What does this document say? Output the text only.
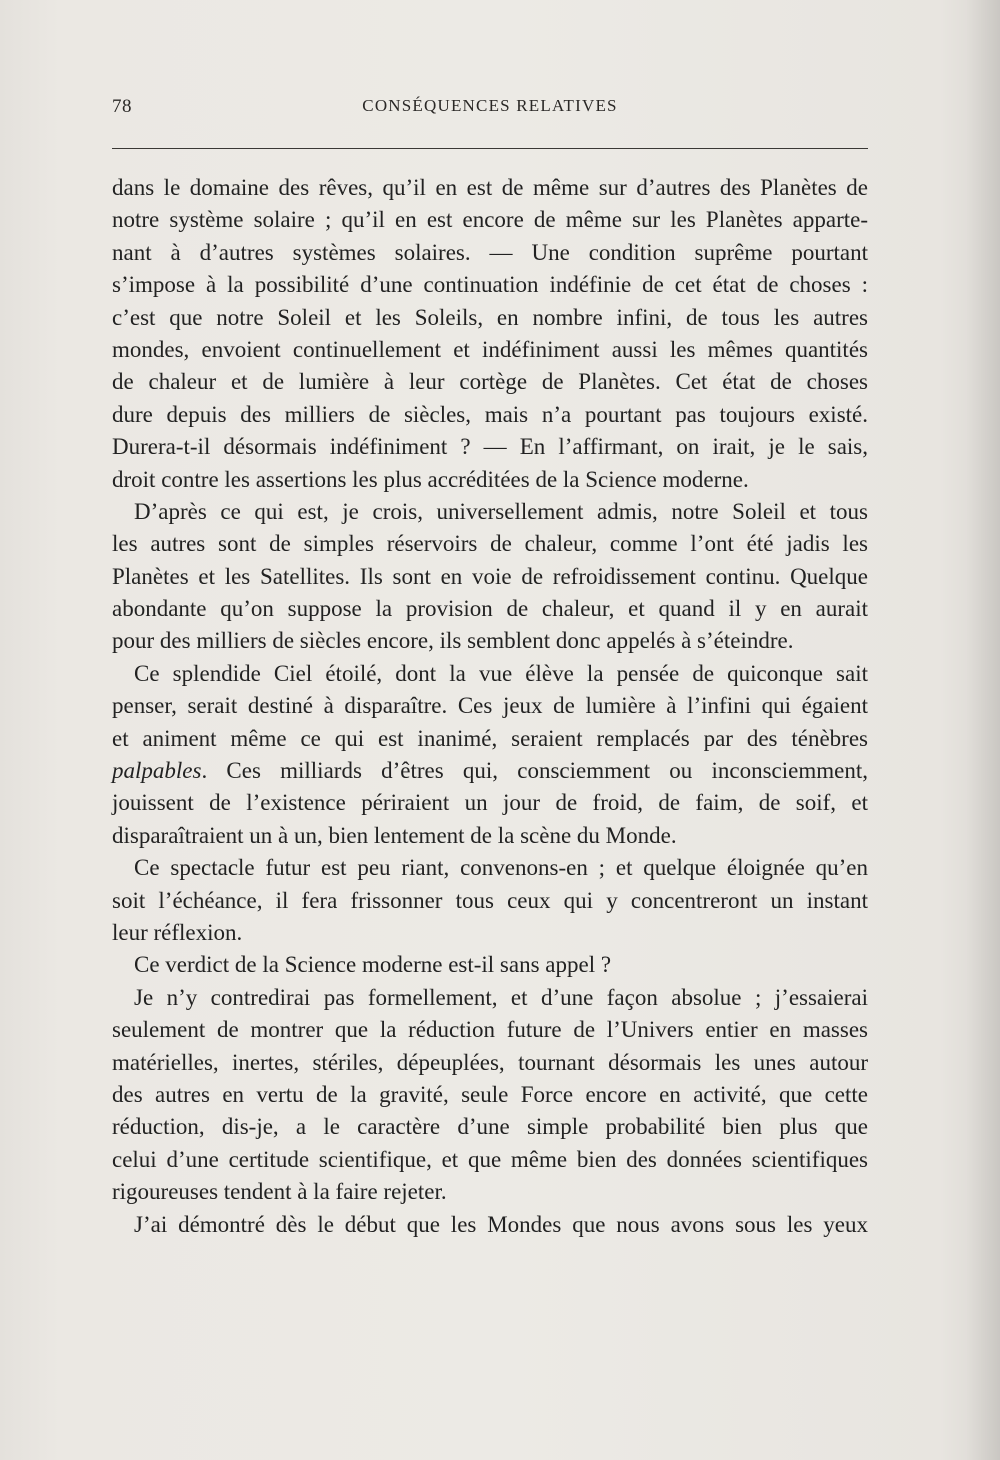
78	CONSÉQUENCES RELATIVES
dans le domaine des rêves, qu’il en est de même sur d’autres des Planètes de
notre système solaire ; qu’il en est encore de même sur les Planètes apparte-
nant à d’autres systèmes solaires. — Une condition suprême pourtant
s’impose à la possibilité d’une continuation indéfinie de cet état de choses :
c’est que notre Soleil et les Soleils, en nombre infini, de tous les autres
mondes, envoient continuellement et indéfiniment aussi les mêmes quantités
de chaleur et de lumière à leur cortège de Planètes. Cet état de choses
dure depuis des milliers de siècles, mais n’a pourtant pas toujours existé.
Durera-t-il désormais indéfiniment ? — En l’affirmant, on irait, je le sais,
droit contre les assertions les plus accréditées de la Science moderne.
D’après ce qui est, je crois, universellement admis, notre Soleil et tous
les autres sont de simples réservoirs de chaleur, comme l’ont été jadis les
Planètes et les Satellites. Ils sont en voie de refroidissement continu. Quelque
abondante qu’on suppose la provision de chaleur, et quand il y en aurait
pour des milliers de siècles encore, ils semblent donc appelés à s’éteindre.
Ce splendide Ciel étoilé, dont la vue élève la pensée de quiconque sait
penser, serait destiné à disparaître. Ces jeux de lumière à l’infini qui égaient
et animent même ce qui est inanimé, seraient remplacés par des ténèbres
palpables. Ces milliards d’êtres qui, consciemment ou inconsciemment,
jouissent de l’existence périraient un jour de froid, de faim, de soif, et
disparaîtraient un à un, bien lentement de la scène du Monde.
Ce spectacle futur est peu riant, convenons-en ; et quelque éloignée qu’en
soit l’échéance, il fera frissonner tous ceux qui y concentreront un instant
leur réflexion.
Ce verdict de la Science moderne est-il sans appel ?
Je n’y contredirai pas formellement, et d’une façon absolue ; j’essaierai
seulement de montrer que la réduction future de l’Univers entier en masses
matérielles, inertes, stériles, dépeuplées, tournant désormais les unes autour
des autres en vertu de la gravité, seule Force encore en activité, que cette
réduction, dis-je, a le caractère d’une simple probabilité bien plus que
celui d’une certitude scientifique, et que même bien des données scientifiques
rigoureuses tendent à la faire rejeter.
J’ai démontré dès le début que les Mondes que nous avons sous les yeux
